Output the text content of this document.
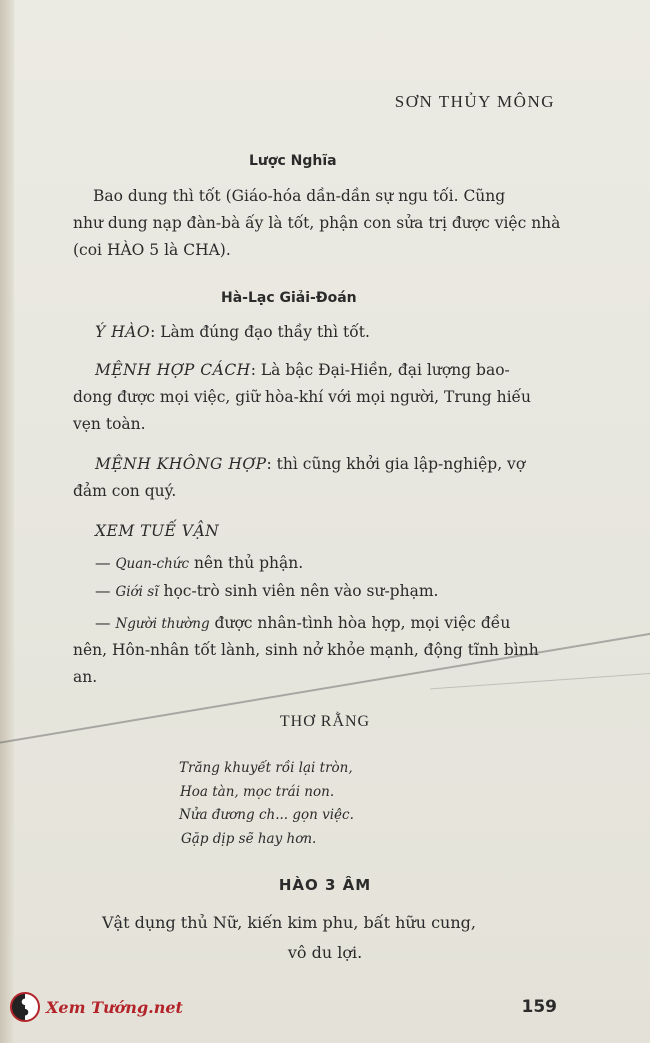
SƠN THỦY MÔNG
Lược Nghĩa
Bao dung thì tốt (Giáo-hóa dần-dần sự ngu tối. Cũng
như dung nạp đàn-bà ấy là tốt, phận con sửa trị được việc nhà
(coi HÀO 5 là CHA).
Hà-Lạc Giải-Đoán
Ý HÀO: Làm đúng đạo thầy thì tốt.
MỆNH HỢP CÁCH: Là bậc Đại-Hiền, đại lượng bao-
dong được mọi việc, giữ hòa-khí với mọi người, Trung hiếu
vẹn toàn.
MỆNH KHÔNG HỢP: thì cũng khởi gia lập-nghiệp, vợ
đảm con quý.
XEM TUẾ VẬN
— Quan-chức nên thủ phận.
— Giới sĩ học-trò sinh viên nên vào sư-phạm.
— Người thường được nhân-tình hòa hợp, mọi việc đều
nên, Hôn-nhân tốt lành, sinh nở khỏe mạnh, động tĩnh bình
an.
THƠ RẰNG
Trăng khuyết rồi lại tròn,
Hoa tàn, mọc trái non.
Nửa đương ch... gọn việc.
Gặp dịp sẽ hay hơn.
HÀO 3 ÂM
Vật dụng thủ Nữ, kiến kim phu, bất hữu cung,
vô du lợi.
Xem Tướng.net	159
